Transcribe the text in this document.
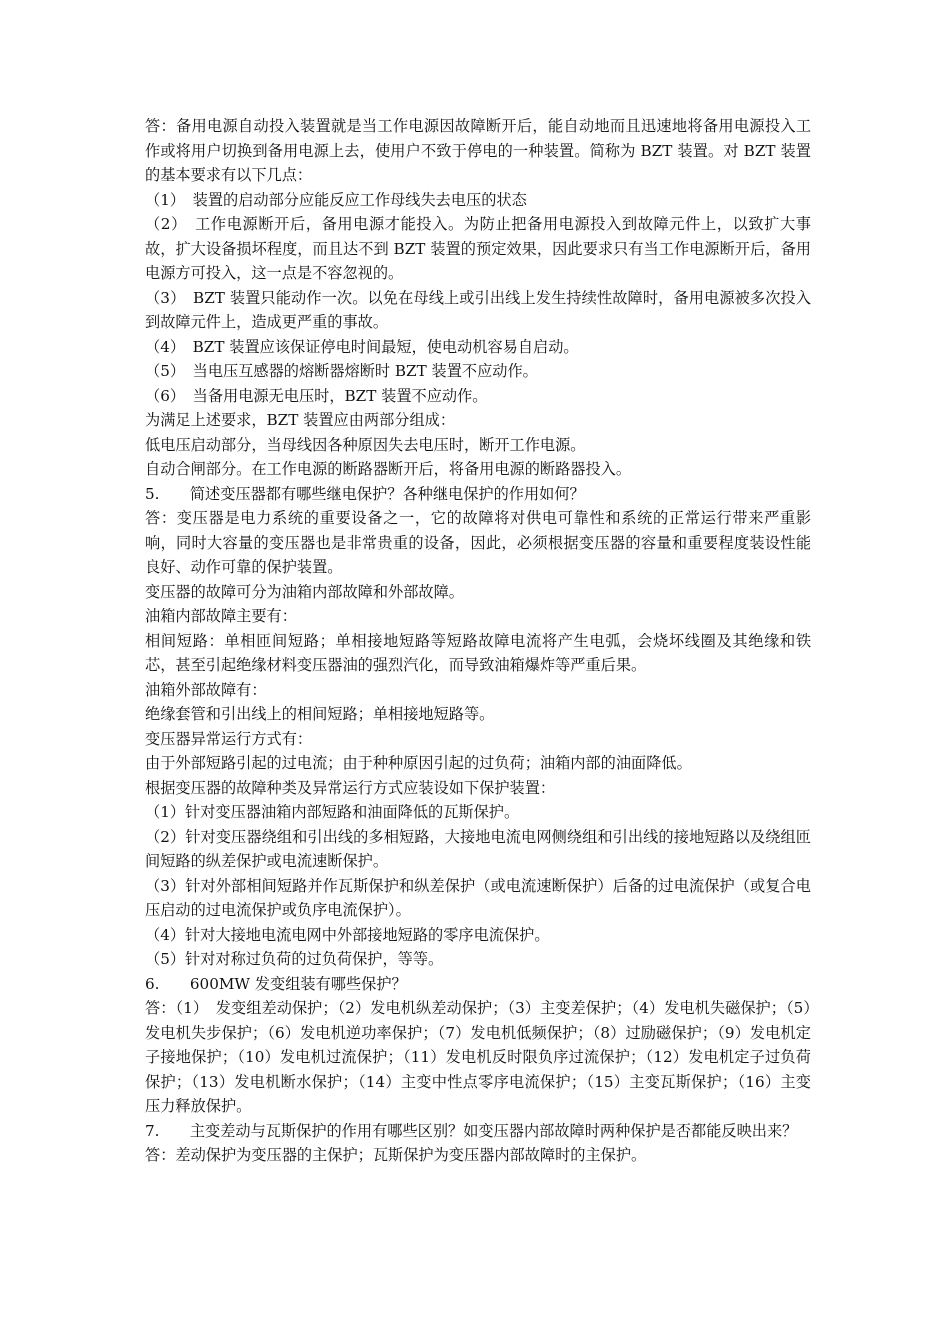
答：备用电源自动投入装置就是当工作电源因故障断开后，能自动地而且迅速地将备用电源投入工作或将用户切换到备用电源上去，使用户不致于停电的一种装置。简称为 BZT 装置。对 BZT 装置的基本要求有以下几点：

（1）　装置的启动部分应能反应工作母线失去电压的状态

（2）　工作电源断开后，备用电源才能投入。为防止把备用电源投入到故障元件上，以致扩大事故，扩大设备损坏程度，而且达不到 BZT 装置的预定效果，因此要求只有当工作电源断开后，备用电源方可投入，这一点是不容忽视的。

（3）　BZT 装置只能动作一次。以免在母线上或引出线上发生持续性故障时，备用电源被多次投入到故障元件上，造成更严重的事故。

（4）　BZT 装置应该保证停电时间最短，使电动机容易自启动。

（5）　当电压互感器的熔断器熔断时 BZT 装置不应动作。

（6）　当备用电源无电压时，BZT 装置不应动作。

为满足上述要求，BZT 装置应由两部分组成：

低电压启动部分，当母线因各种原因失去电压时，断开工作电源。

自动合闸部分。在工作电源的断路器断开后，将备用电源的断路器投入。

5.　　简述变压器都有哪些继电保护？各种继电保护的作用如何？

答：变压器是电力系统的重要设备之一，它的故障将对供电可靠性和系统的正常运行带来严重影响，同时大容量的变压器也是非常贵重的设备，因此，必须根据变压器的容量和重要程度装设性能良好、动作可靠的保护装置。

变压器的故障可分为油箱内部故障和外部故障。

油箱内部故障主要有：

相间短路：单相匝间短路；单相接地短路等短路故障电流将产生电弧，会烧坏线圈及其绝缘和铁芯，甚至引起绝缘材料变压器油的强烈汽化，而导致油箱爆炸等严重后果。

油箱外部故障有：

绝缘套管和引出线上的相间短路；单相接地短路等。

变压器异常运行方式有：

由于外部短路引起的过电流；由于种种原因引起的过负荷；油箱内部的油面降低。

根据变压器的故障种类及异常运行方式应装设如下保护装置：

（1）针对变压器油箱内部短路和油面降低的瓦斯保护。

（2）针对变压器绕组和引出线的多相短路，大接地电流电网侧绕组和引出线的接地短路以及绕组匝间短路的纵差保护或电流速断保护。

（3）针对外部相间短路并作瓦斯保护和纵差保护（或电流速断保护）后备的过电流保护（或复合电压启动的过电流保护或负序电流保护）。

（4）针对大接地电流电网中外部接地短路的零序电流保护。

（5）针对对称过负荷的过负荷保护，等等。

6.　　600MW 发变组装有哪些保护？

答：（1）　发变组差动保护；（2）发电机纵差动保护；（3）主变差保护；（4）发电机失磁保护；（5）发电机失步保护；（6）发电机逆功率保护；（7）发电机低频保护；（8）过励磁保护；（9）发电机定子接地保护；（10）发电机过流保护；（11）发电机反时限负序过流保护；（12）发电机定子过负荷保护；（13）发电机断水保护；（14）主变中性点零序电流保护；（15）主变瓦斯保护；（16）主变压力释放保护。

7.　　主变差动与瓦斯保护的作用有哪些区别？如变压器内部故障时两种保护是否都能反映出来？

答：差动保护为变压器的主保护；瓦斯保护为变压器内部故障时的主保护。
